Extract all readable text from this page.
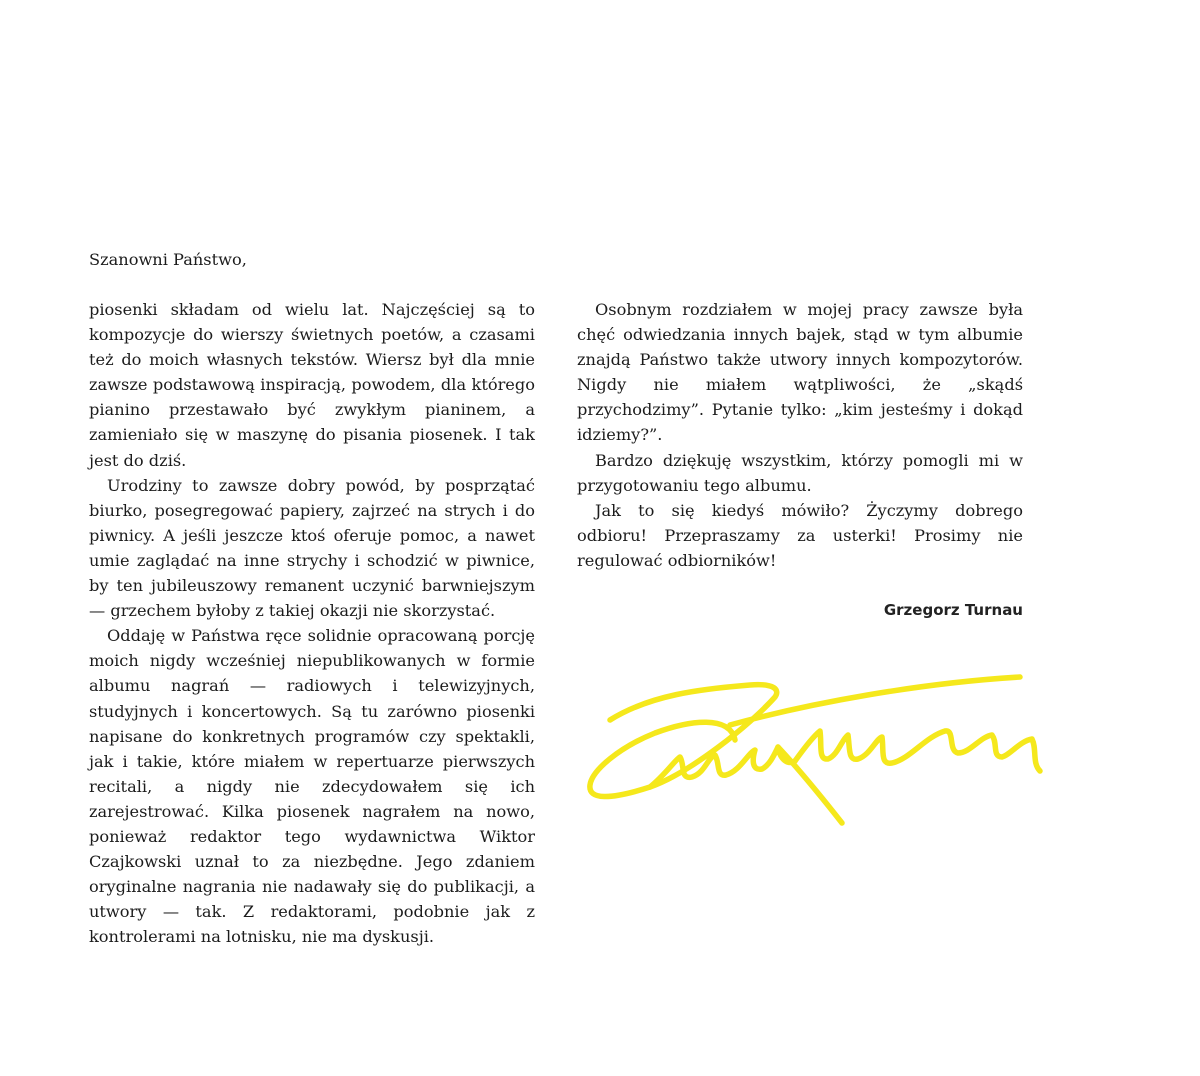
Szanowni Państwo,

piosenki składam od wielu lat. Najczęściej są to kompozycje do wierszy świetnych poetów, a czasami też do moich własnych tekstów. Wiersz był dla mnie zawsze podstawową inspiracją, powodem, dla którego pianino przestawało być zwykłym pianinem, a zamieniało się w maszynę do pisania piosenek. I tak jest do dziś.

Urodziny to zawsze dobry powód, by posprzątać biurko, posegregować papiery, zajrzeć na strych i do piwnicy. A jeśli jeszcze ktoś oferuje pomoc, a nawet umie zaglądać na inne strychy i schodzić w piwnice, by ten jubileuszowy remanent uczynić barwniejszym — grzechem byłoby z takiej okazji nie skorzystać.

Oddaję w Państwa ręce solidnie opracowaną porcję moich nigdy wcześniej niepublikowanych w formie albumu nagrań — radiowych i telewizyjnych, studyjnych i koncertowych. Są tu zarówno piosenki napisane do konkretnych programów czy spektakli, jak i takie, które miałem w repertuarze pierwszych recitali, a nigdy nie zdecydowałem się ich zarejestrować. Kilka piosenek nagrałem na nowo, ponieważ redaktor tego wydawnictwa Wiktor Czajkowski uznał to za niezbędne. Jego zdaniem oryginalne nagrania nie nadawały się do publikacji, a utwory — tak. Z redaktorami, podobnie jak z kontrolerami na lotnisku, nie ma dyskusji.

Osobnym rozdziałem w mojej pracy zawsze była chęć odwiedzania innych bajek, stąd w tym albumie znajdą Państwo także utwory innych kompozytorów. Nigdy nie miałem wątpliwości, że „skądś przychodzimy”. Pytanie tylko: „kim jesteśmy i dokąd idziemy?”.

Bardzo dziękuję wszystkim, którzy pomogli mi w przygotowaniu tego albumu.

Jak to się kiedyś mówiło? Życzymy dobrego odbioru! Przepraszamy za usterki! Prosimy nie regulować odbiorników!

Grzegorz Turnau
